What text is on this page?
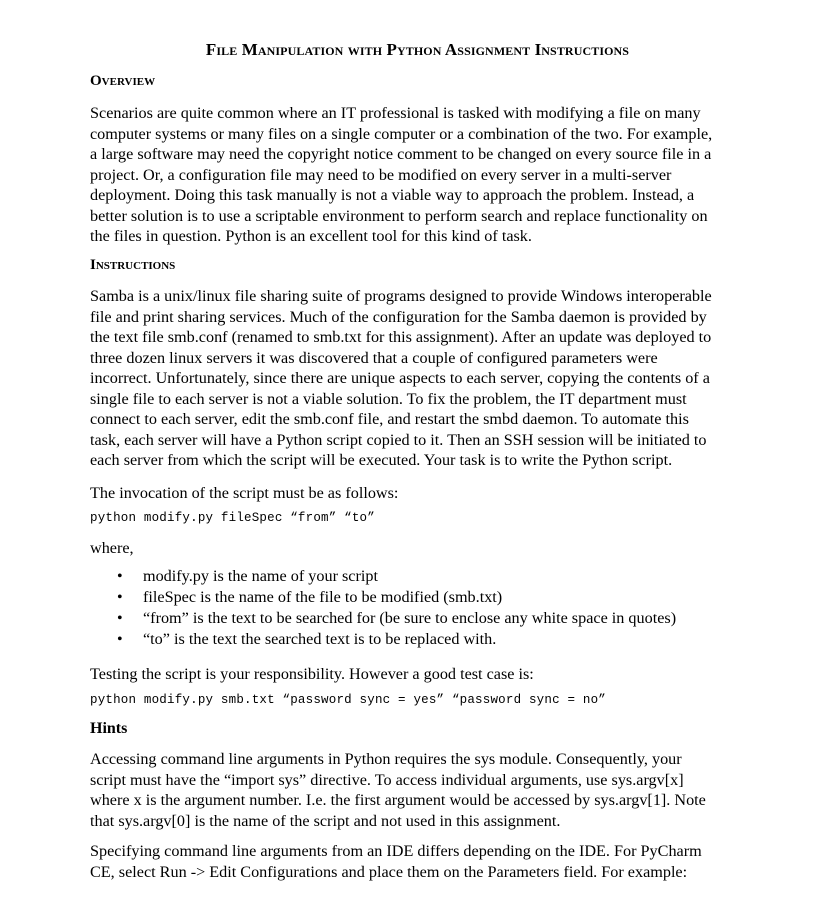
File Manipulation with Python Assignment Instructions
Overview

Scenarios are quite common where an IT professional is tasked with modifying a file on many
computer systems or many files on a single computer or a combination of the two. For example,
a large software may need the copyright notice comment to be changed on every source file in a
project. Or, a configuration file may need to be modified on every server in a multi-server
deployment. Doing this task manually is not a viable way to approach the problem. Instead, a
better solution is to use a scriptable environment to perform search and replace functionality on
the files in question. Python is an excellent tool for this kind of task.

Instructions

Samba is a unix/linux file sharing suite of programs designed to provide Windows interoperable
file and print sharing services. Much of the configuration for the Samba daemon is provided by
the text file smb.conf (renamed to smb.txt for this assignment). After an update was deployed to
three dozen linux servers it was discovered that a couple of configured parameters were
incorrect. Unfortunately, since there are unique aspects to each server, copying the contents of a
single file to each server is not a viable solution. To fix the problem, the IT department must
connect to each server, edit the smb.conf file, and restart the smbd daemon. To automate this
task, each server will have a Python script copied to it. Then an SSH session will be initiated to
each server from which the script will be executed. Your task is to write the Python script.

The invocation of the script must be as follows:

python modify.py fileSpec “from” “to”

where,

• modify.py is the name of your script
• fileSpec is the name of the file to be modified (smb.txt)
• “from” is the text to be searched for (be sure to enclose any white space in quotes)
• “to” is the text the searched text is to be replaced with.

Testing the script is your responsibility. However a good test case is:

python modify.py smb.txt “password sync = yes” “password sync = no”
Hints

Accessing command line arguments in Python requires the sys module. Consequently, your
script must have the “import sys” directive. To access individual arguments, use sys.argv[x]
where x is the argument number. I.e. the first argument would be accessed by sys.argv[1]. Note
that sys.argv[0] is the name of the script and not used in this assignment.

Specifying command line arguments from an IDE differs depending on the IDE. For PyCharm
CE, select Run -> Edit Configurations and place them on the Parameters field. For example:
